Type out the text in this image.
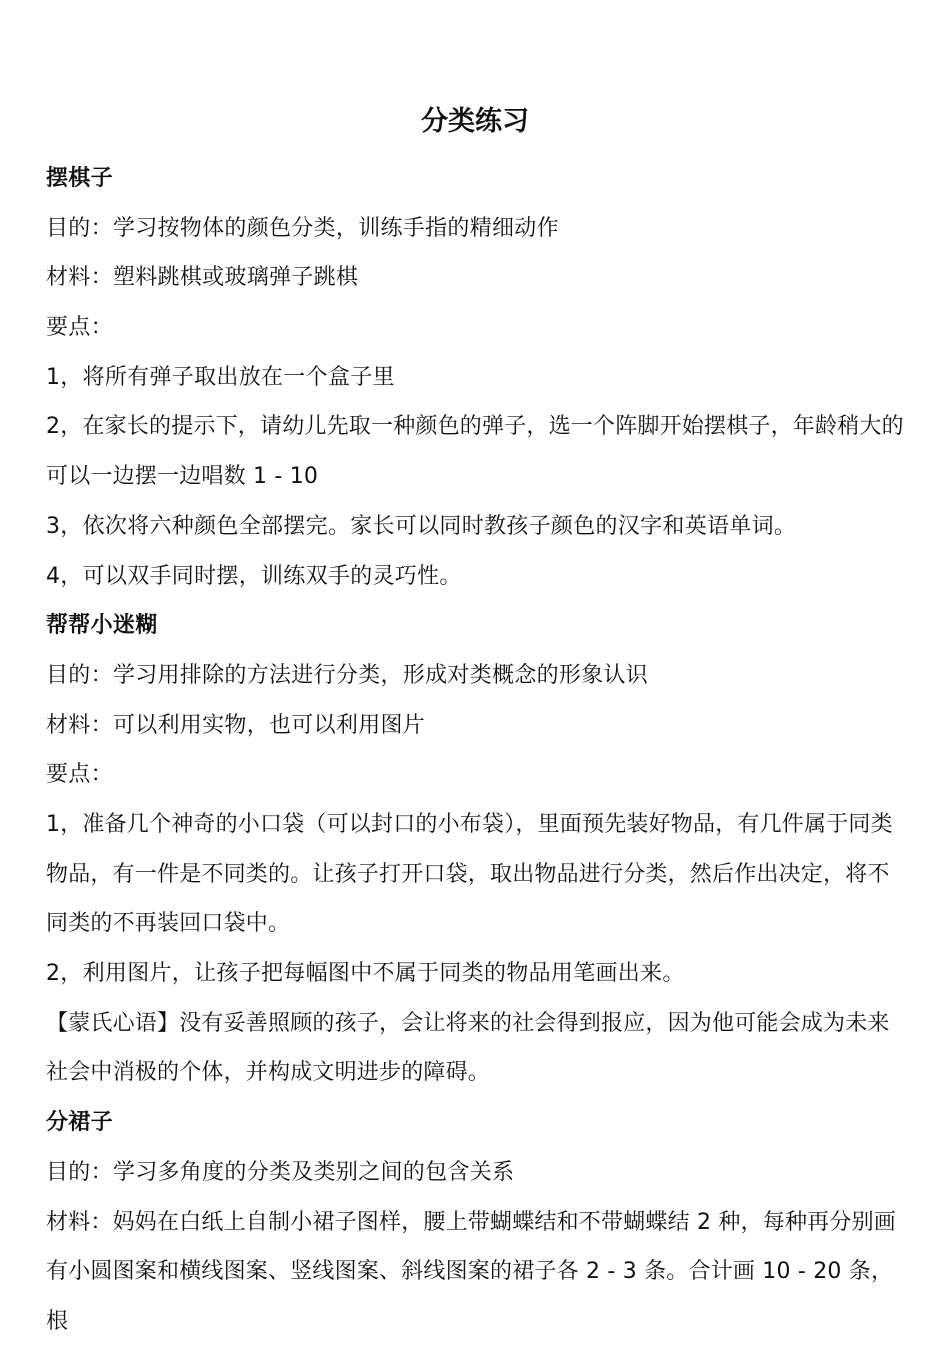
分类练习
摆棋子
目的：学习按物体的颜色分类，训练手指的精细动作
材料：塑料跳棋或玻璃弹子跳棋
要点：
1，将所有弹子取出放在一个盒子里
2，在家长的提示下，请幼儿先取一种颜色的弹子，选一个阵脚开始摆棋子，年龄稍大的可以一边摆一边唱数 1 - 10
3，依次将六种颜色全部摆完。家长可以同时教孩子颜色的汉字和英语单词。
4，可以双手同时摆，训练双手的灵巧性。
帮帮小迷糊
目的：学习用排除的方法进行分类，形成对类概念的形象认识
材料：可以利用实物，也可以利用图片
要点：
1，准备几个神奇的小口袋（可以封口的小布袋），里面预先装好物品，有几件属于同类物品，有一件是不同类的。让孩子打开口袋，取出物品进行分类，然后作出决定，将不同类的不再装回口袋中。
2，利用图片，让孩子把每幅图中不属于同类的物品用笔画出来。
【蒙氏心语】没有妥善照顾的孩子，会让将来的社会得到报应，因为他可能会成为未来社会中消极的个体，并构成文明进步的障碍。
分裙子
目的：学习多角度的分类及类别之间的包含关系
材料：妈妈在白纸上自制小裙子图样，腰上带蝴蝶结和不带蝴蝶结 2 种，每种再分别画有小圆图案和横线图案、竖线图案、斜线图案的裙子各 2 - 3 条。合计画 10 - 20 条，根
